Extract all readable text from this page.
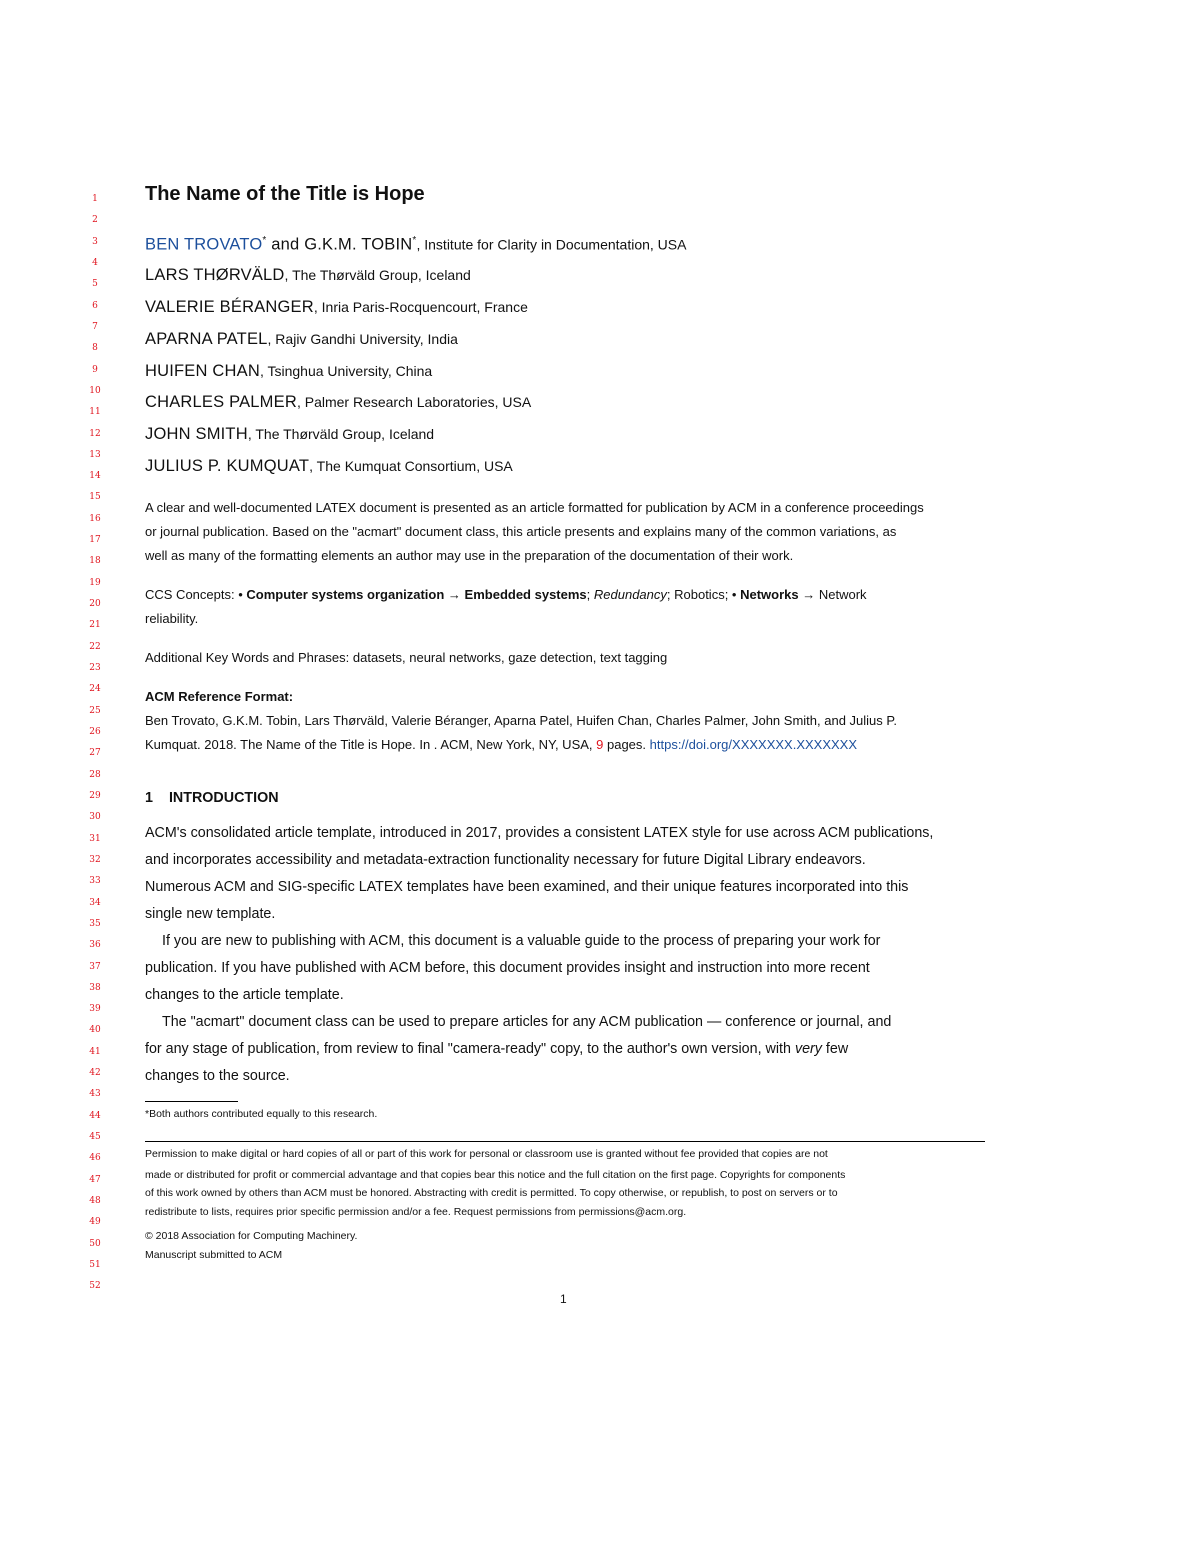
1
2
3
4
5
6
7
8
9
10
11
12
13
14
15
16
17
18
19
20
21
22
23
24
25
26
27
28
29
30
31
32
33
34
35
36
37
38
39
40
41
42
43
44
45
46
47
48
49
50
51
52
The Name of the Title is Hope
BEN TROVATO* and G.K.M. TOBIN*, Institute for Clarity in Documentation, USA
LARS THØRVÄLD, The Thørväld Group, Iceland
VALERIE BÉRANGER, Inria Paris-Rocquencourt, France
APARNA PATEL, Rajiv Gandhi University, India
HUIFEN CHAN, Tsinghua University, China
CHARLES PALMER, Palmer Research Laboratories, USA
JOHN SMITH, The Thørväld Group, Iceland
JULIUS P. KUMQUAT, The Kumquat Consortium, USA
A clear and well-documented LATEX document is presented as an article formatted for publication by ACM in a conference proceedings
or journal publication. Based on the "acmart" document class, this article presents and explains many of the common variations, as
well as many of the formatting elements an author may use in the preparation of the documentation of their work.
CCS Concepts: • Computer systems organization → Embedded systems; Redundancy; Robotics; • Networks → Network
reliability.
Additional Key Words and Phrases: datasets, neural networks, gaze detection, text tagging
ACM Reference Format:
Ben Trovato, G.K.M. Tobin, Lars Thørväld, Valerie Béranger, Aparna Patel, Huifen Chan, Charles Palmer, John Smith, and Julius P.
Kumquat. 2018. The Name of the Title is Hope. In . ACM, New York, NY, USA, 9 pages. https://doi.org/XXXXXXX.XXXXXXX
1 INTRODUCTION
ACM's consolidated article template, introduced in 2017, provides a consistent LATEX style for use across ACM publications,
and incorporates accessibility and metadata-extraction functionality necessary for future Digital Library endeavors.
Numerous ACM and SIG-specific LATEX templates have been examined, and their unique features incorporated into this
single new template.
If you are new to publishing with ACM, this document is a valuable guide to the process of preparing your work for
publication. If you have published with ACM before, this document provides insight and instruction into more recent
changes to the article template.
The "acmart" document class can be used to prepare articles for any ACM publication — conference or journal, and
for any stage of publication, from review to final "camera-ready" copy, to the author's own version, with very few
changes to the source.
*Both authors contributed equally to this research.
Permission to make digital or hard copies of all or part of this work for personal or classroom use is granted without fee provided that copies are not
made or distributed for profit or commercial advantage and that copies bear this notice and the full citation on the first page. Copyrights for components
of this work owned by others than ACM must be honored. Abstracting with credit is permitted. To copy otherwise, or republish, to post on servers or to
redistribute to lists, requires prior specific permission and/or a fee. Request permissions from permissions@acm.org.
© 2018 Association for Computing Machinery.
Manuscript submitted to ACM
1
